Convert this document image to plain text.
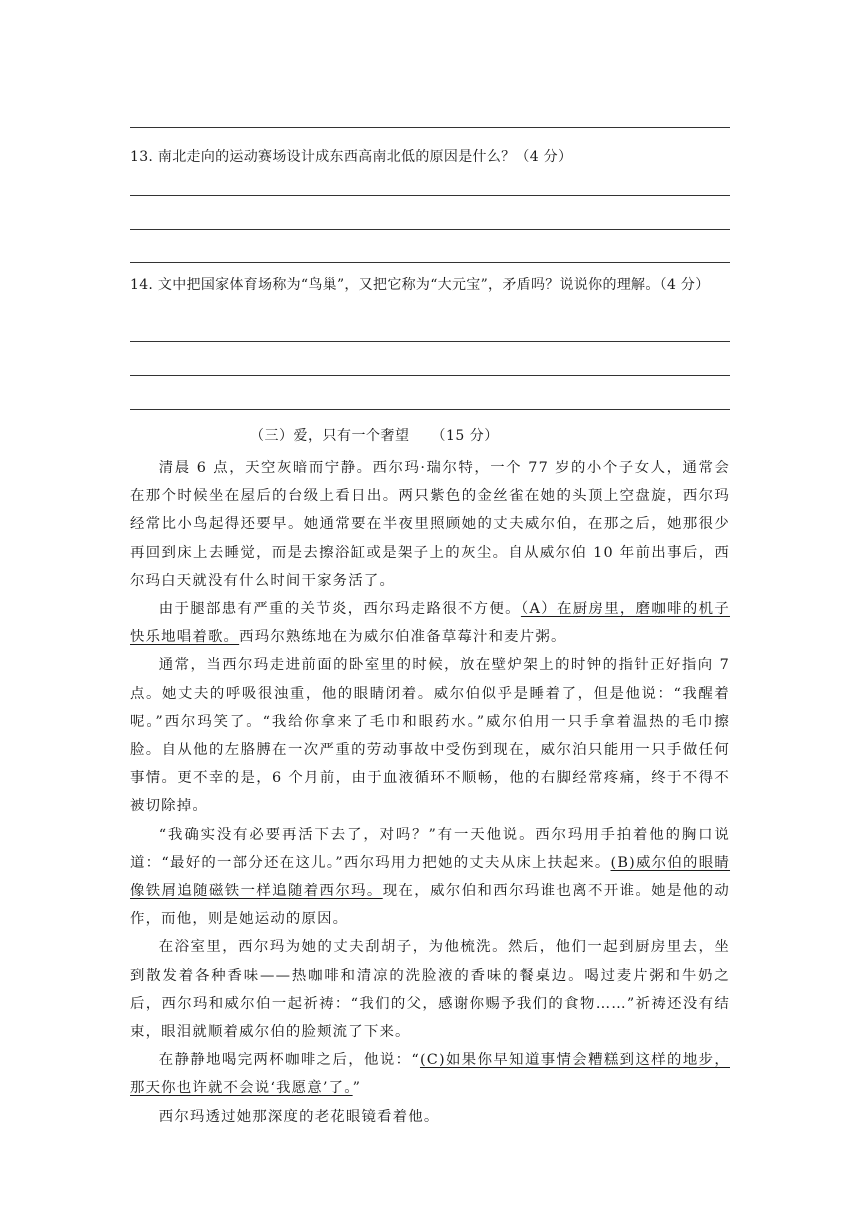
13. 南北走向的运动赛场设计成东西高南北低的原因是什么？（4 分）
14. 文中把国家体育场称为“鸟巢”，又把它称为“大元宝”，矛盾吗？说说你的理解。（4 分）
（三）爱，只有一个奢望　　（15 分）

清晨 6 点，天空灰暗而宁静。西尔玛·瑞尔特，一个 77 岁的小个子女人，通常会在那个时候坐在屋后的台级上看日出。两只紫色的金丝雀在她的头顶上空盘旋，西尔玛经常比小鸟起得还要早。她通常要在半夜里照顾她的丈夫威尔伯，在那之后，她那很少再回到床上去睡觉，而是去擦浴缸或是架子上的灰尘。自从威尔伯 10 年前出事后，西尔玛白天就没有什么时间干家务活了。

由于腿部患有严重的关节炎，西尔玛走路很不方便。（A）在厨房里，磨咖啡的机子快乐地唱着歌。西玛尔熟练地在为威尔伯准备草莓汁和麦片粥。

通常，当西尔玛走进前面的卧室里的时候，放在壁炉架上的时钟的指针正好指向 7 点。她丈夫的呼吸很浊重，他的眼睛闭着。威尔伯似乎是睡着了，但是他说：“我醒着呢。”西尔玛笑了。“我给你拿来了毛巾和眼药水。”威尔伯用一只手拿着温热的毛巾擦脸。自从他的左胳膊在一次严重的劳动事故中受伤到现在，威尔泊只能用一只手做任何事情。更不幸的是，6 个月前，由于血液循环不顺畅，他的右脚经常疼痛，终于不得不被切除掉。

“我确实没有必要再活下去了，对吗？”有一天他说。西尔玛用手拍着他的胸口说道：“最好的一部分还在这儿。”西尔玛用力把她的丈夫从床上扶起来。(B)威尔伯的眼睛像铁屑追随磁铁一样追随着西尔玛。现在，威尔伯和西尔玛谁也离不开谁。她是他的动作，而他，则是她运动的原因。

在浴室里，西尔玛为她的丈夫刮胡子，为他梳洗。然后，他们一起到厨房里去，坐到散发着各种香味——热咖啡和清凉的洗脸液的香味的餐桌边。喝过麦片粥和牛奶之后，西尔玛和威尔伯一起祈祷：“我们的父，感谢你赐予我们的食物……”祈祷还没有结束，眼泪就顺着威尔伯的脸颊流了下来。

在静静地喝完两杯咖啡之后，他说：“(C)如果你早知道事情会糟糕到这样的地步，那天你也许就不会说‘我愿意’了。”

西尔玛透过她那深度的老花眼镜看着他。
